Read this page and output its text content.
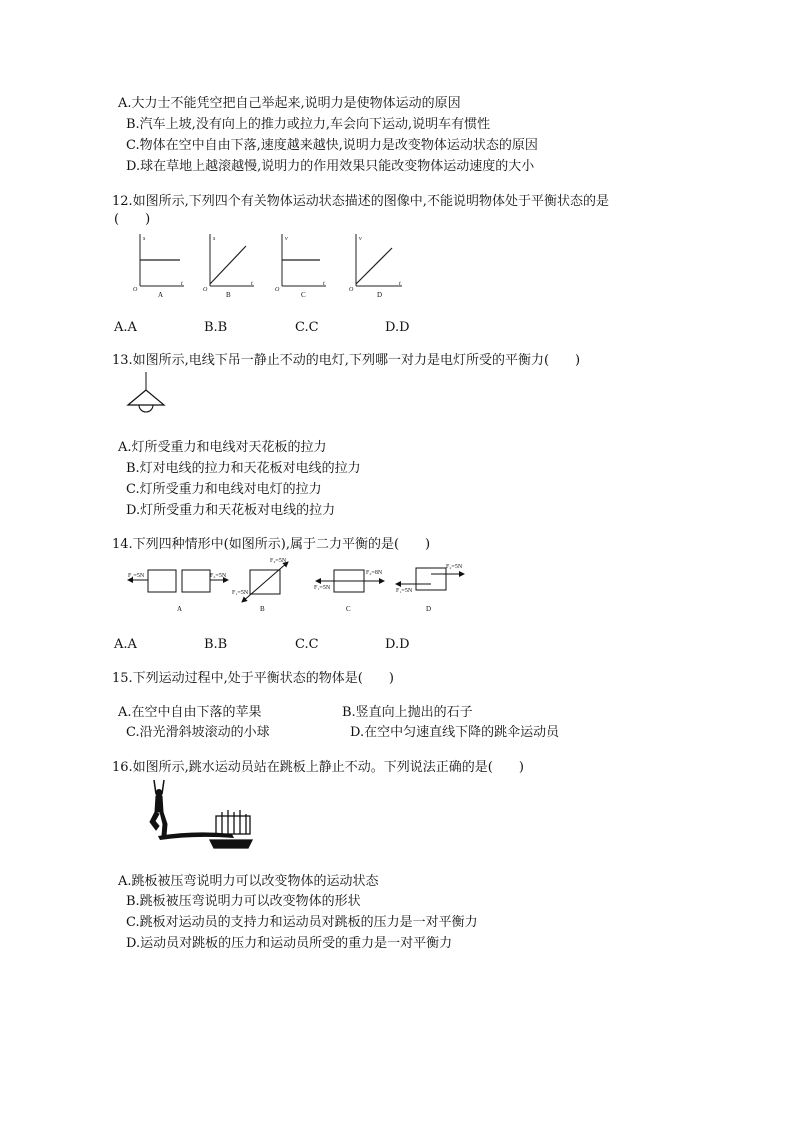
A.大力士不能凭空把自己举起来,说明力是使物体运动的原因
B.汽车上坡,没有向上的推力或拉力,车会向下运动,说明车有惯性
C.物体在空中自由下落,速度越来越快,说明力是改变物体运动状态的原因
D.球在草地上越滚越慢,说明力的作用效果只能改变物体运动速度的大小
12.如图所示,下列四个有关物体运动状态描述的图像中,不能说明物体处于平衡状态的是
(　　)
s
t
O
A
s
t
O
B
v
t
O
C
v
t
O
D
A.A	B.B	C.C	D.D
13.如图所示,电线下吊一静止不动的电灯,下列哪一对力是电灯所受的平衡力(　　)
A.灯所受重力和电线对天花板的拉力
B.灯对电线的拉力和天花板对电线的拉力
C.灯所受重力和电线对电灯的拉力
D.灯所受重力和天花板对电线的拉力
14.下列四种情形中(如图所示),属于二力平衡的是(　　)
F₁=5N	F₂=5N
A
F₂=5N
F₁=5N
B
F₂=8N
F₁=5N
C
F₂=5N
F₁=5N
D
A.A	B.B	C.C	D.D
15.下列运动过程中,处于平衡状态的物体是(　　)
A.在空中自由下落的苹果	B.竖直向上抛出的石子
C.沿光滑斜坡滚动的小球	D.在空中匀速直线下降的跳伞运动员
16.如图所示,跳水运动员站在跳板上静止不动。下列说法正确的是(　　)
A.跳板被压弯说明力可以改变物体的运动状态
B.跳板被压弯说明力可以改变物体的形状
C.跳板对运动员的支持力和运动员对跳板的压力是一对平衡力
D.运动员对跳板的压力和运动员所受的重力是一对平衡力
